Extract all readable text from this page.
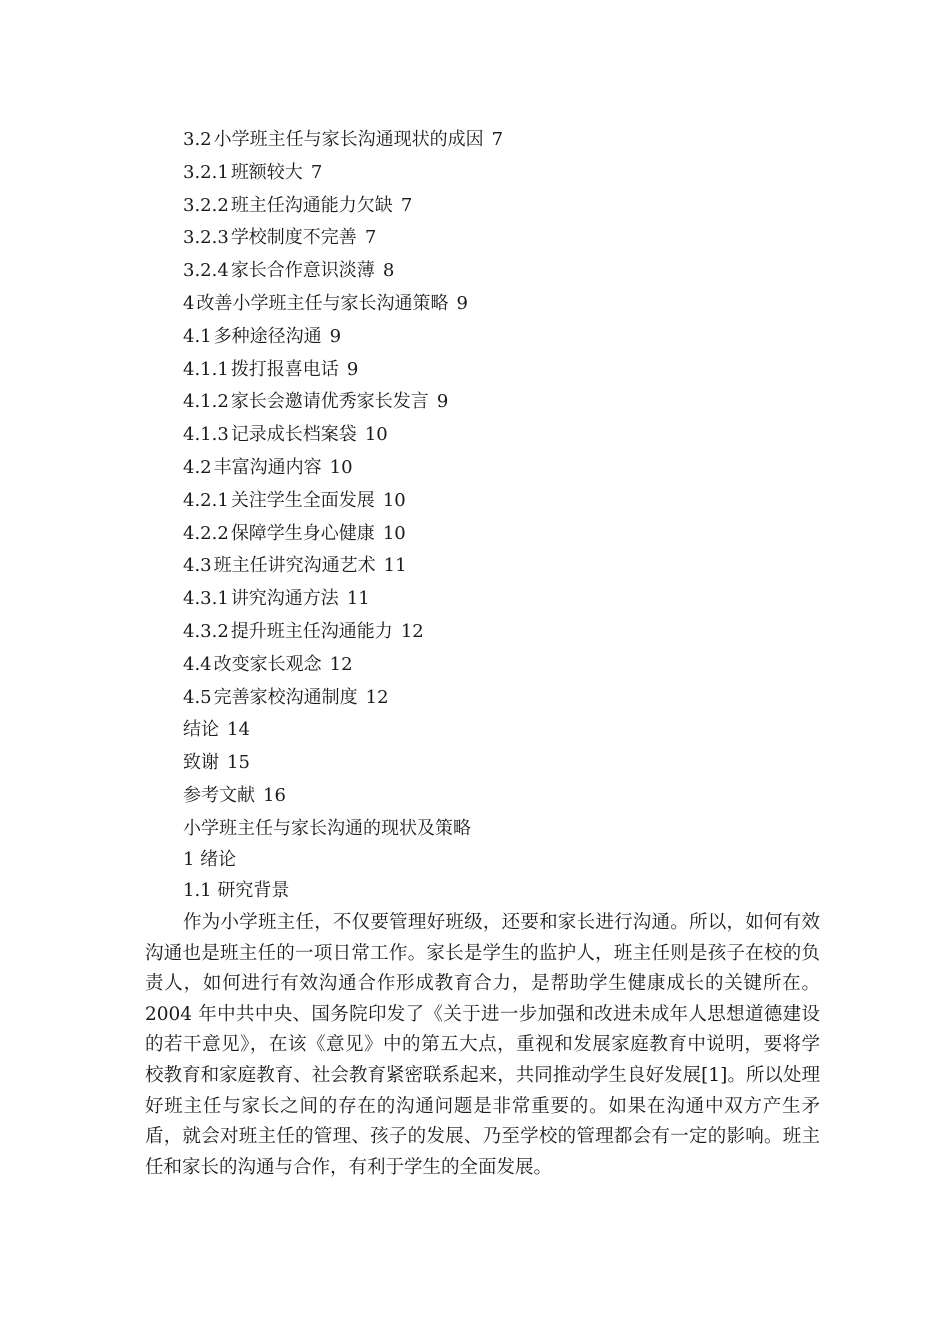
3.2 小学班主任与家长沟通现状的成因 7
3.2.1 班额较大 7
3.2.2 班主任沟通能力欠缺 7
3.2.3 学校制度不完善 7
3.2.4 家长合作意识淡薄 8
4 改善小学班主任与家长沟通策略 9
4.1 多种途径沟通 9
4.1.1 拨打报喜电话 9
4.1.2 家长会邀请优秀家长发言 9
4.1.3 记录成长档案袋 10
4.2 丰富沟通内容 10
4.2.1 关注学生全面发展 10
4.2.2 保障学生身心健康 10
4.3 班主任讲究沟通艺术 11
4.3.1 讲究沟通方法 11
4.3.2 提升班主任沟通能力 12
4.4 改变家长观念 12
4.5 完善家校沟通制度 12
结论 14
致谢 15
参考文献 16
小学班主任与家长沟通的现状及策略
1 绪论
1.1 研究背景

作为小学班主任，不仅要管理好班级，还要和家长进行沟通。所以，如何有效沟通也是班主任的一项日常工作。家长是学生的监护人，班主任则是孩子在校的负责人，如何进行有效沟通合作形成教育合力，是帮助学生健康成长的关键所在。2004 年中共中央、国务院印发了《关于进一步加强和改进未成年人思想道德建设的若干意见》，在该《意见》中的第五大点，重视和发展家庭教育中说明，要将学校教育和家庭教育、社会教育紧密联系起来，共同推动学生良好发展[1]。所以处理好班主任与家长之间的存在的沟通问题是非常重要的。如果在沟通中双方产生矛盾，就会对班主任的管理、孩子的发展、乃至学校的管理都会有一定的影响。班主任和家长的沟通与合作，有利于学生的全面发展。
